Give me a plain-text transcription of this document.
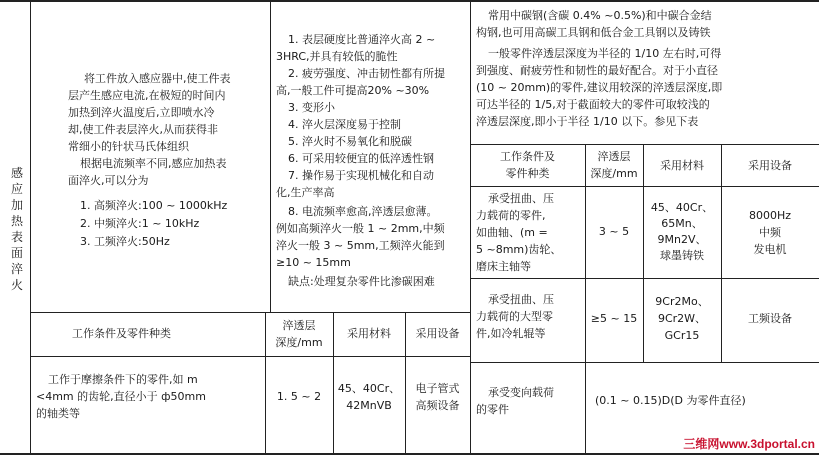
感应加热表面淬火
将工件放入感应器中,使工件表
层产生感应电流,在极短的时间内
加热到淬火温度后,立即喷水冷
却,使工件表层淬火,从而获得非
常细小的针状马氏体组织
根据电流频率不同,感应加热表
面淬火,可以分为
1. 高频淬火:100 ~ 1000kHz
2. 中频淬火:1 ~ 10kHz
3. 工频淬火:50Hz
1. 表层硬度比普通淬火高 2 ~
3HRC,并具有较低的脆性
2. 疲劳强度、冲击韧性都有所提
高,一般工件可提高20% ~30%
3. 变形小
4. 淬火层深度易于控制
5. 淬火时不易氧化和脱碳
6. 可采用较便宜的低淬透性钢
7. 操作易于实现机械化和自动
化,生产率高
8. 电流频率愈高,淬透层愈薄。
例如高频淬火一般 1 ~ 2mm,中频
淬火一般 3 ~ 5mm,工频淬火能到
≥10 ~ 15mm
缺点:处理复杂零件比渗碳困难
常用中碳钢(含碳 0.4% ~0.5%)和中碳合金结
构钢,也可用高碳工具钢和低合金工具钢以及铸铁
一般零件淬透层深度为半径的 1/10 左右时,可得
到强度、耐疲劳性和韧性的最好配合。对于小直径
(10 ~ 20mm)的零件,建议用较深的淬透层深度,即
可达半径的 1/5,对于截面较大的零件可取较浅的
淬透层深度,即小于半径 1/10 以下。参见下表
工作条件及
零件种类
淬透层
深度/mm
采用材料	采用设备
承受扭曲、压
力载荷的零件,
如曲轴、(m =
5 ~8mm)齿轮、
磨床主轴等
3 ~ 5
45、40Cr、
65Mn、
9Mn2V、
球墨铸铁
8000Hz
中频
发电机
承受扭曲、压
力载荷的大型零
件,如冷轧辊等
≥5 ~ 15
9Cr2Mo、
9Cr2W、
GCr15
工频设备
承受变向载荷
的零件
(0.1 ~ 0.15)D(D 为零件直径)
工作条件及零件种类
淬透层
深度/mm
采用材料	采用设备
工作于摩擦条件下的零件,如 m
<4mm 的齿轮,直径小于 ф50mm
的轴类等
1. 5 ~ 2
45、40Cr、
42MnVB
电子管式
高频设备
三维网www.3dportal.cn
